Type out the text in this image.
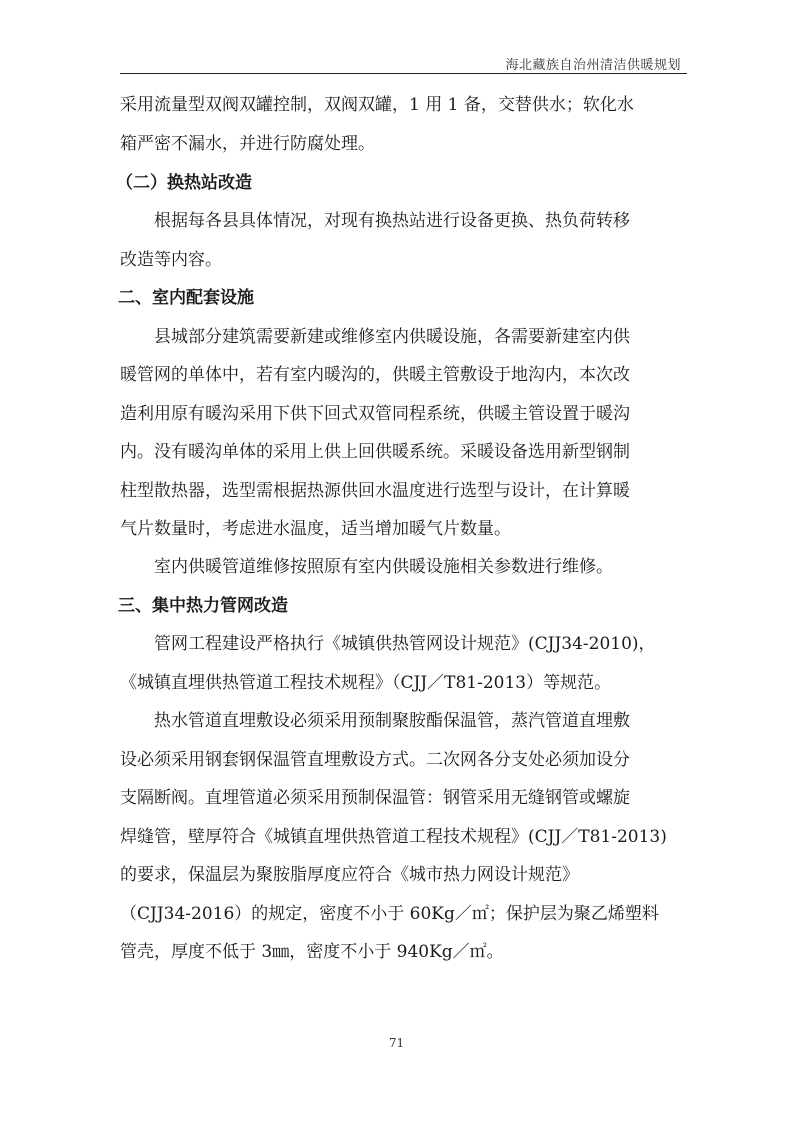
海北藏族自治州清洁供暖规划
采用流量型双阀双罐控制，双阀双罐，1 用 1 备，交替供水；软化水
箱严密不漏水，并进行防腐处理。
（二）换热站改造
根据每各县具体情况，对现有换热站进行设备更换、热负荷转移
改造等内容。
二、室内配套设施
县城部分建筑需要新建或维修室内供暖设施，各需要新建室内供
暖管网的单体中，若有室内暖沟的，供暖主管敷设于地沟内，本次改
造利用原有暖沟采用下供下回式双管同程系统，供暖主管设置于暖沟
内。没有暖沟单体的采用上供上回供暖系统。采暖设备选用新型钢制
柱型散热器，选型需根据热源供回水温度进行选型与设计，在计算暖
气片数量时，考虑进水温度，适当增加暖气片数量。
室内供暖管道维修按照原有室内供暖设施相关参数进行维修。
三、集中热力管网改造
管网工程建设严格执行《城镇供热管网设计规范》(CJJ34-2010)，
《城镇直埋供热管道工程技术规程》（CJJ／T81-2013）等规范。
热水管道直埋敷设必须采用预制聚胺酯保温管，蒸汽管道直埋敷
设必须采用钢套钢保温管直埋敷设方式。二次网各分支处必须加设分
支隔断阀。直埋管道必须采用预制保温管：钢管采用无缝钢管或螺旋
焊缝管，壁厚符合《城镇直埋供热管道工程技术规程》(CJJ／T81-2013)
的要求，保温层为聚胺脂厚度应符合《城市热力网设计规范》
（CJJ34-2016）的规定，密度不小于 60Kg／㎡；保护层为聚乙烯塑料
管壳，厚度不低于 3㎜，密度不小于 940Kg／㎡。
71
